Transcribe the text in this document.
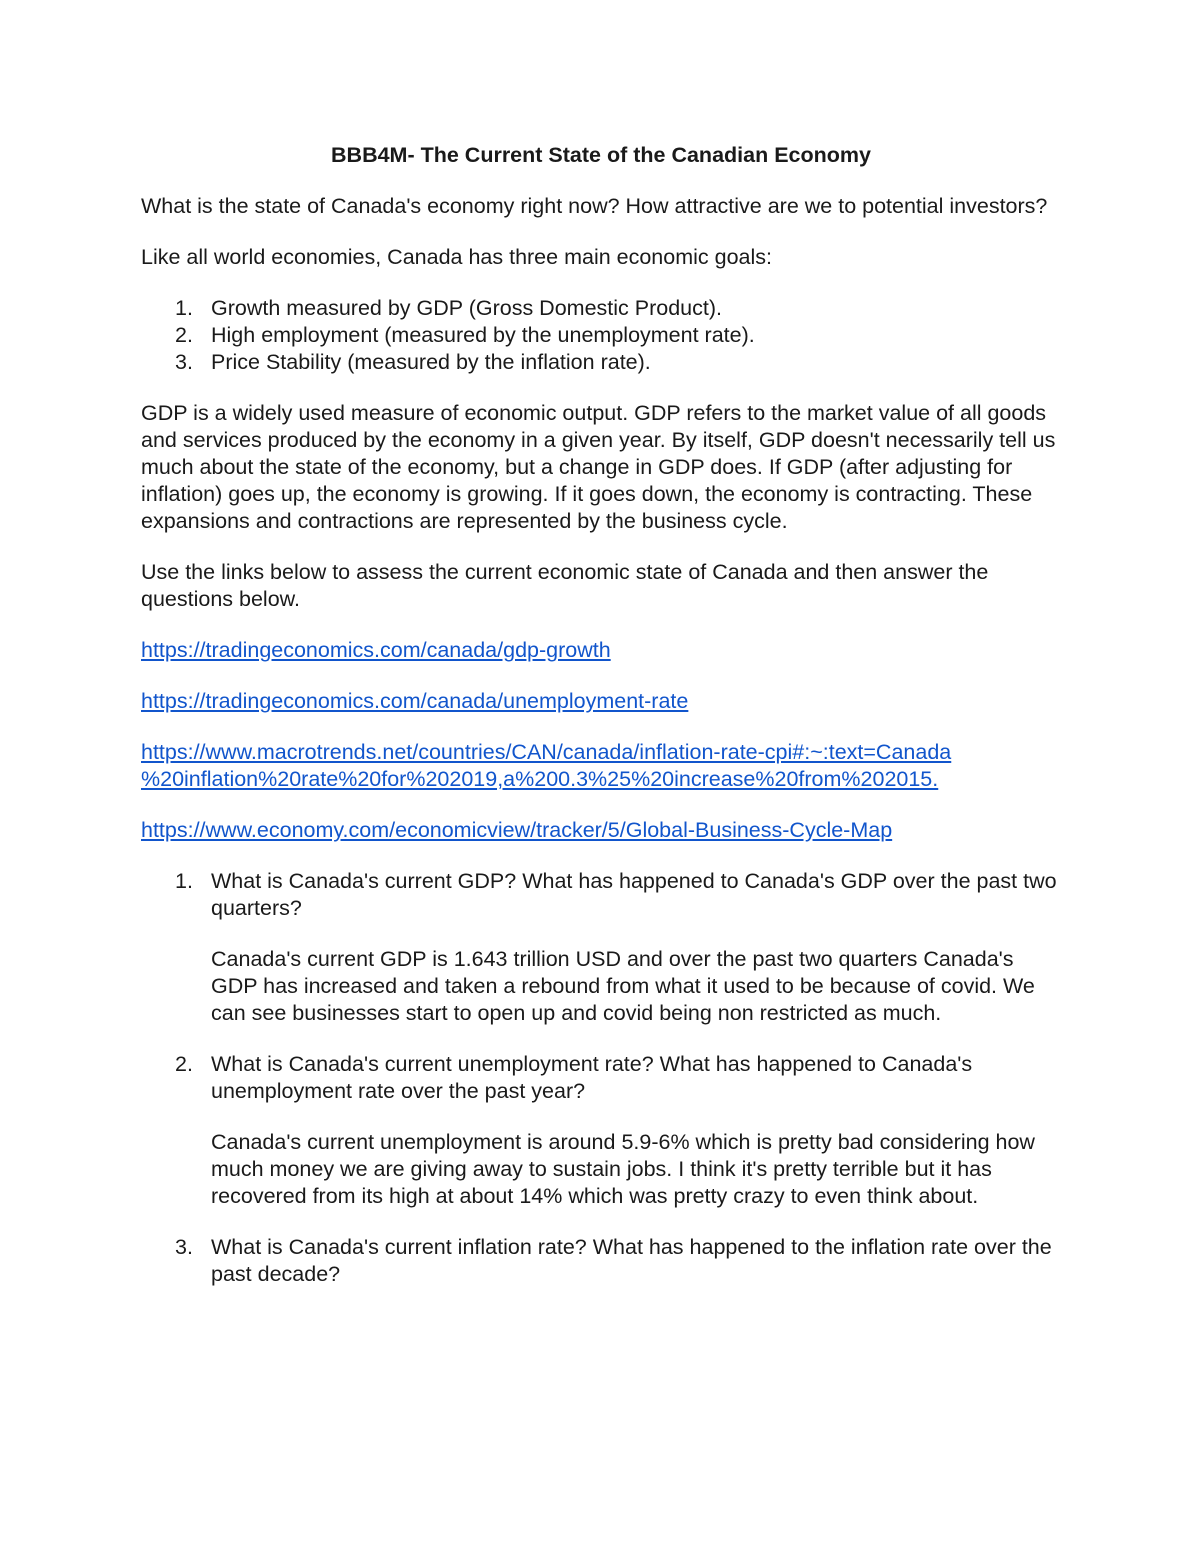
BBB4M- The Current State of the Canadian Economy

What is the state of Canada's economy right now? How attractive are we to potential investors?

Like all world economies, Canada has three main economic goals:

1. Growth measured by GDP (Gross Domestic Product).
2. High employment (measured by the unemployment rate).
3. Price Stability (measured by the inflation rate).

GDP is a widely used measure of economic output. GDP refers to the market value of all goods and services produced by the economy in a given year. By itself, GDP doesn't necessarily tell us much about the state of the economy, but a change in GDP does. If GDP (after adjusting for inflation) goes up, the economy is growing. If it goes down, the economy is contracting. These expansions and contractions are represented by the business cycle.

Use the links below to assess the current economic state of Canada and then answer the questions below.

https://tradingeconomics.com/canada/gdp-growth
https://tradingeconomics.com/canada/unemployment-rate
https://www.macrotrends.net/countries/CAN/canada/inflation-rate-cpi#:~:text=Canada
%20inflation%20rate%20for%202019,a%200.3%25%20increase%20from%202015.
https://www.economy.com/economicview/tracker/5/Global-Business-Cycle-Map
1. What is Canada's current GDP? What has happened to Canada's GDP over the past two quarters?
Canada's current GDP is 1.643 trillion USD and over the past two quarters Canada's GDP has increased and taken a rebound from what it used to be because of covid. We can see businesses start to open up and covid being non restricted as much.
2. What is Canada's current unemployment rate? What has happened to Canada's unemployment rate over the past year?
Canada's current unemployment is around 5.9-6% which is pretty bad considering how much money we are giving away to sustain jobs. I think it's pretty terrible but it has recovered from its high at about 14% which was pretty crazy to even think about.
3. What is Canada's current inflation rate? What has happened to the inflation rate over the past decade?
